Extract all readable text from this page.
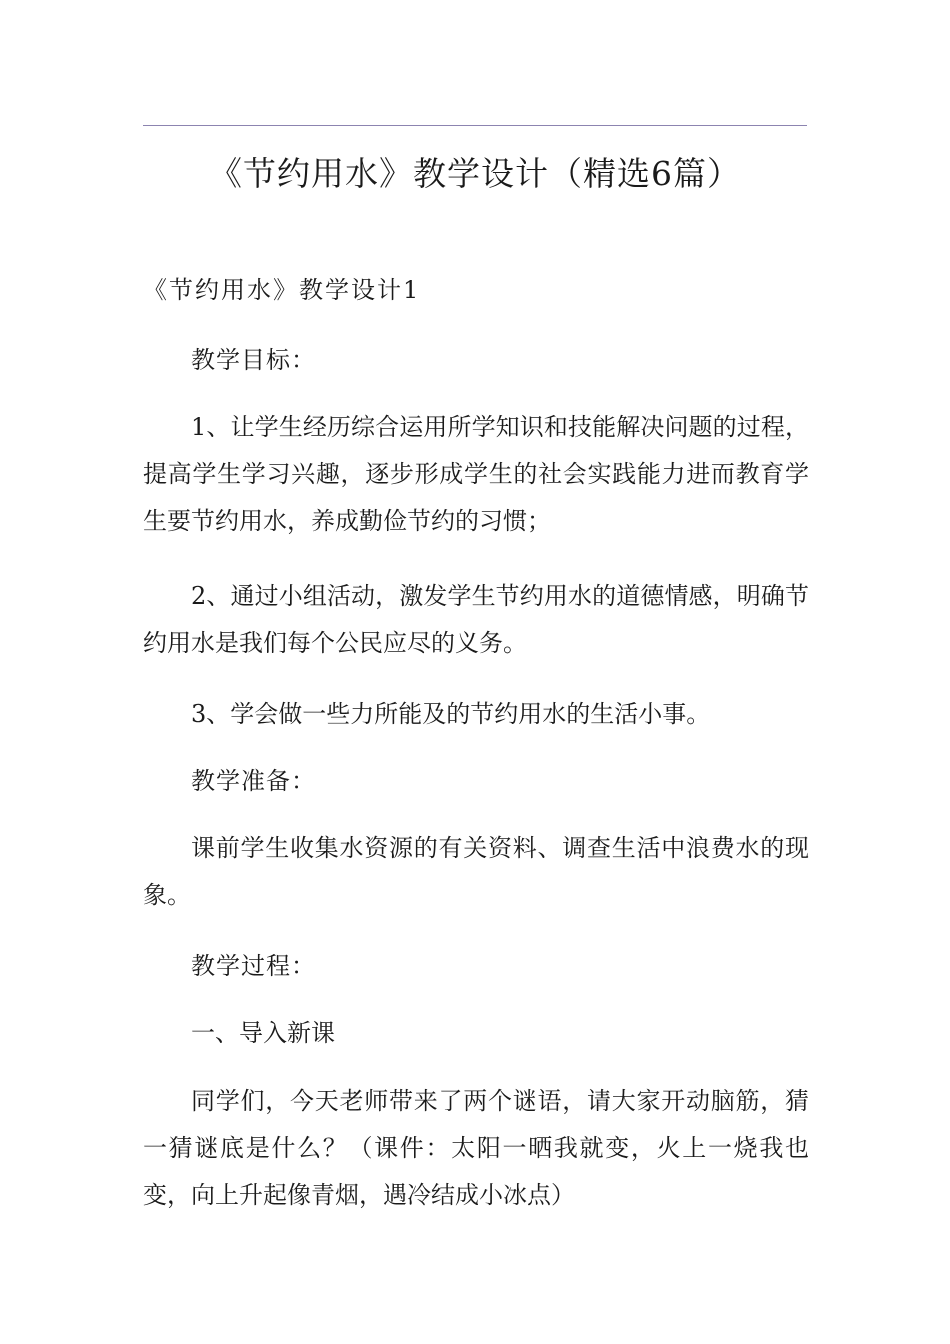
《节约用水》教学设计（精选6篇）
《节约用水》教学设计1
教学目标：
1、让学生经历综合运用所学知识和技能解决问题的过程，提高学生学习兴趣，逐步形成学生的社会实践能力进而教育学生要节约用水，养成勤俭节约的习惯；
2、通过小组活动，激发学生节约用水的道德情感，明确节约用水是我们每个公民应尽的义务。
3、学会做一些力所能及的节约用水的生活小事。
教学准备：
课前学生收集水资源的有关资料、调查生活中浪费水的现象。
教学过程：
一、导入新课
同学们，今天老师带来了两个谜语，请大家开动脑筋，猜一猜谜底是什么？（课件：太阳一晒我就变，火上一烧我也变，向上升起像青烟，遇冷结成小冰点）
